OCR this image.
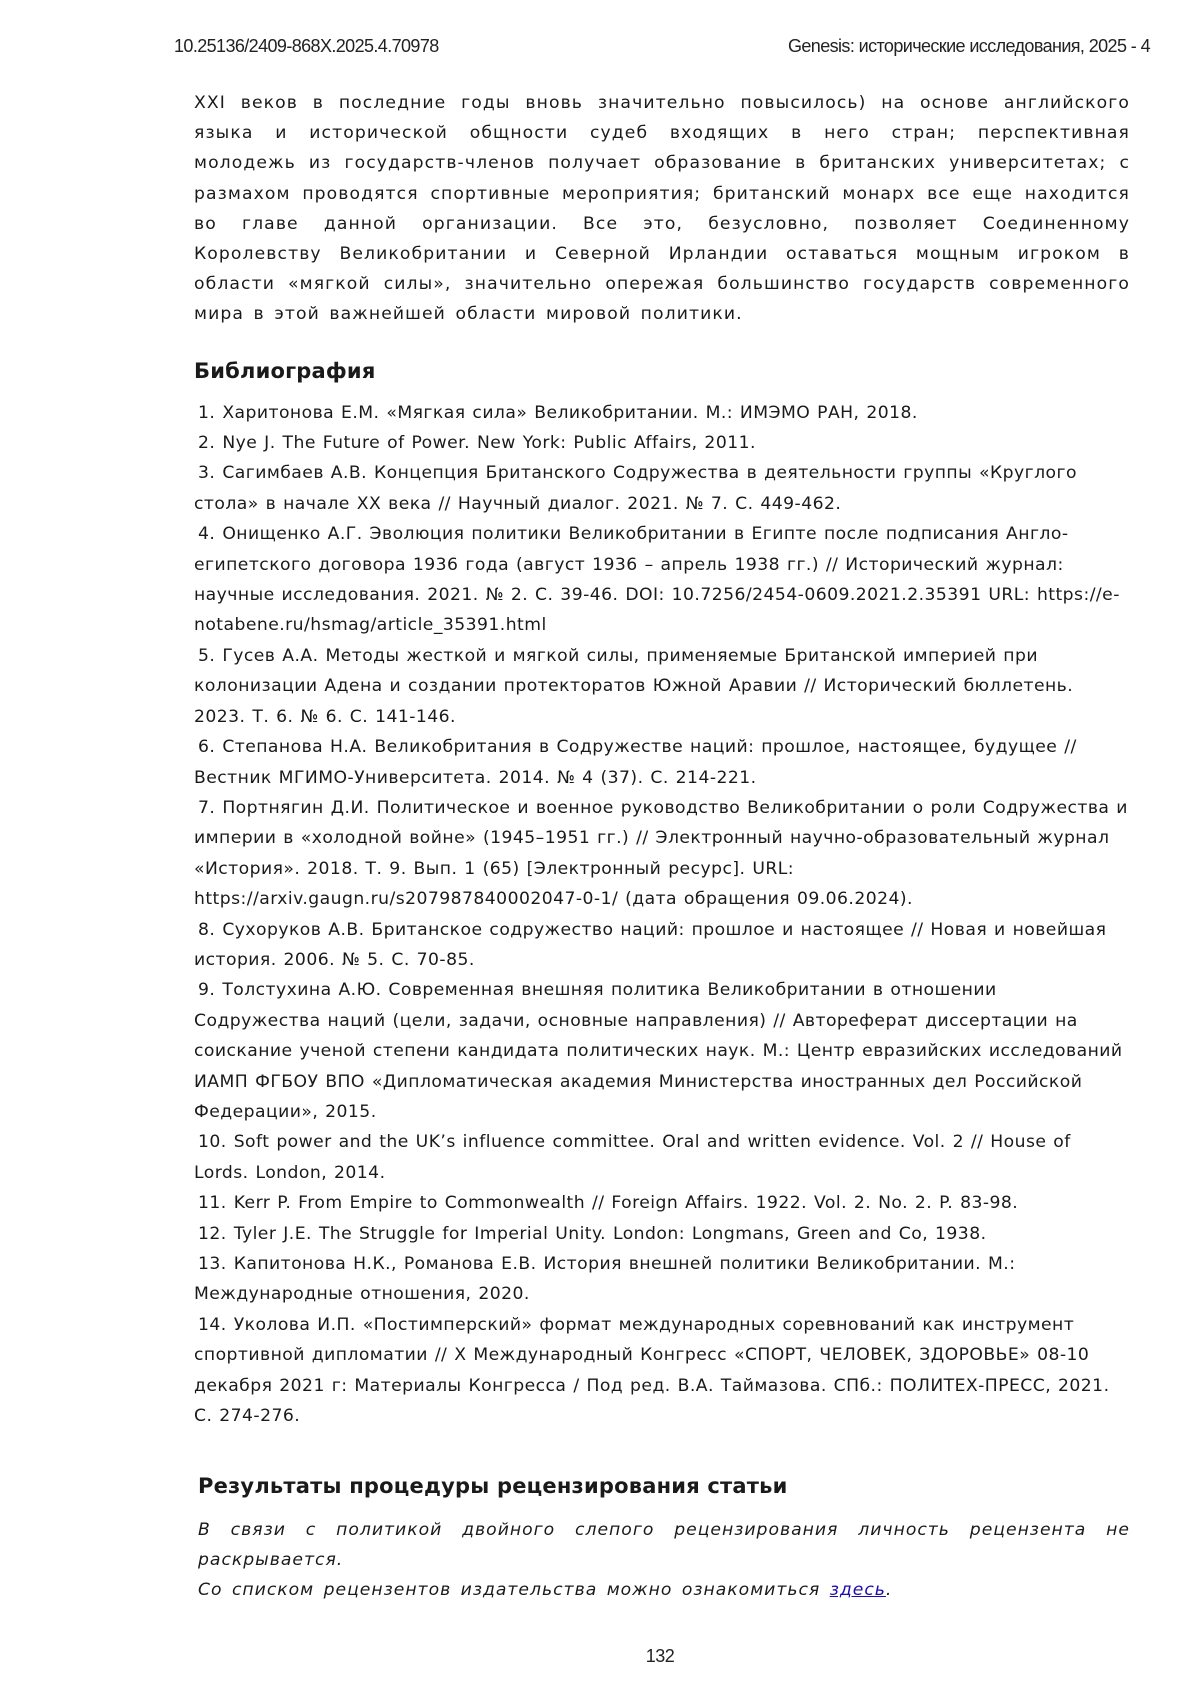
10.25136/2409-868X.2025.4.70978	Genesis: исторические исследования, 2025 - 4

XXI веков в последние годы вновь значительно повысилось) на основе английского языка и исторической общности судеб входящих в него стран; перспективная молодежь из государств-членов получает образование в британских университетах; с размахом проводятся спортивные мероприятия; британский монарх все еще находится во главе данной организации. Все это, безусловно, позволяет Соединенному Королевству Великобритании и Северной Ирландии оставаться мощным игроком в области «мягкой силы», значительно опережая большинство государств современного мира в этой важнейшей области мировой политики.

Библиография
1. Харитонова Е.М. «Мягкая сила» Великобритании. М.: ИМЭМО РАН, 2018.
2. Nye J. The Future of Power. New York: Public Affairs, 2011.
3. Сагимбаев А.В. Концепция Британского Содружества в деятельности группы «Круглого стола» в начале XX века // Научный диалог. 2021. № 7. С. 449-462.
4. Онищенко А.Г. Эволюция политики Великобритании в Египте после подписания Англо-египетского договора 1936 года (август 1936 – апрель 1938 гг.) // Исторический журнал: научные исследования. 2021. № 2. С. 39-46. DOI: 10.7256/2454-0609.2021.2.35391 URL: https://e-notabene.ru/hsmag/article_35391.html
5. Гусев А.А. Методы жесткой и мягкой силы, применяемые Британской империей при колонизации Адена и создании протекторатов Южной Аравии // Исторический бюллетень. 2023. Т. 6. № 6. С. 141-146.
6. Степанова Н.А. Великобритания в Содружестве наций: прошлое, настоящее, будущее // Вестник МГИМО-Университета. 2014. № 4 (37). С. 214-221.
7. Портнягин Д.И. Политическое и военное руководство Великобритании о роли Содружества и империи в «холодной войне» (1945–1951 гг.) // Электронный научно-образовательный журнал «История». 2018. Т. 9. Вып. 1 (65) [Электронный ресурс]. URL: https://arxiv.gaugn.ru/s207987840002047-0-1/ (дата обращения 09.06.2024).
8. Сухоруков А.В. Британское содружество наций: прошлое и настоящее // Новая и новейшая история. 2006. № 5. С. 70-85.
9. Толстухина А.Ю. Современная внешняя политика Великобритании в отношении Содружества наций (цели, задачи, основные направления) // Автореферат диссертации на соискание ученой степени кандидата политических наук. М.: Центр евразийских исследований ИАМП ФГБОУ ВПО «Дипломатическая академия Министерства иностранных дел Российской Федерации», 2015.
10. Soft power and the UK’s influence committee. Oral and written evidence. Vol. 2 // House of Lords. London, 2014.
11. Kerr P. From Empire to Commonwealth // Foreign Affairs. 1922. Vol. 2. No. 2. P. 83-98.
12. Tyler J.E. The Struggle for Imperial Unity. London: Longmans, Green and Co, 1938.
13. Капитонова Н.К., Романова Е.В. История внешней политики Великобритании. М.: Международные отношения, 2020.
14. Уколова И.П. «Постимперский» формат международных соревнований как инструмент спортивной дипломатии // X Международный Конгресс «СПОРТ, ЧЕЛОВЕК, ЗДОРОВЬЕ» 08-10 декабря 2021 г: Материалы Конгресса / Под ред. В.А. Таймазова. СПб.: ПОЛИТЕХ-ПРЕСС, 2021. С. 274-276.
Результаты процедуры рецензирования статьи

В связи с политикой двойного слепого рецензирования личность рецензента не раскрывается.
Со списком рецензентов издательства можно ознакомиться здесь.

132
